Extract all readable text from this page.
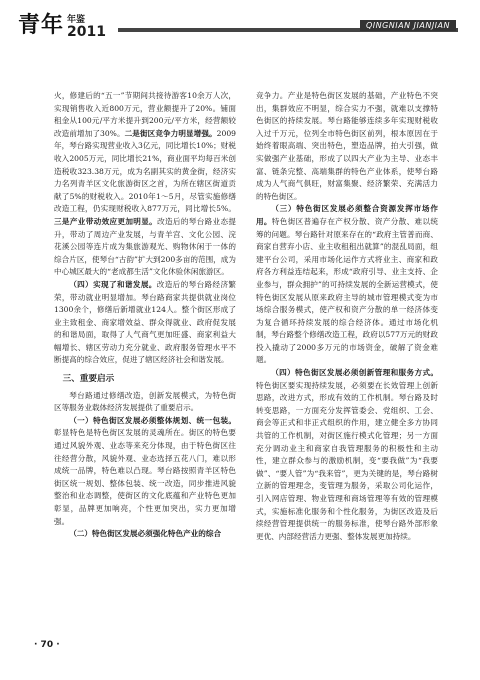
青年 年鉴
2011	QINGNIAN JIANJIAN

火，修建后的“五一”节期间共接待游客10余万人次，实现销售收入近800万元，营业额提升了20%。铺面租金从100元/平方米提升到200元/平方米，经营额较改造前增加了30%。二是街区竞争力明显增强。2009年，琴台路实现营业收入3亿元，同比增长10%；财税收入2005万元，同比增长21%，商业面平均每百米创造税收323.38万元，成为名副其实的黄金街，经济实力名列青羊区文化旅游街区之首，为所在辖区街道贡献了5%的财税收入。2010年1～5月，尽管实施修缮改造工程，仍实现财税收入877万元，同比增长5%。三是产业带动效应更加明显。改造后的琴台路业态提升，带动了周边产业发展，与青羊宫、文化公园、浣花溪公园等连片成为集旅游观光、购物休闲于一体的综合片区，使琴台“古韵”扩大到200多亩的范围，成为中心城区最大的“老成都生活”文化休验休闲旅游区。

（四）实现了和谐发展。改造后的琴台路经济繁荣，带动就业明显增加。琴台路商家共提供就业岗位1300余个，修缮后新增就业124人。整个街区形成了业主致租金、商家增效益、群众得就业、政府促发展的和谐局面，取得了人气商气更加旺盛、商家利益大幅增长、辖区劳动力充分就业、政府服务管理水平不断提高的综合效应，促进了辖区经济社会和谐发展。

三、重要启示

琴台路通过修缮改造，创新发展模式，为特色街区等服务业载体经济发展提供了重要启示。

（一）特色街区发展必须整体规划、统一包装。彰显特色是特色街区发展的灵魂所在。街区的特色要通过风貌外观、业态等来充分体现，由于特色街区往往经营分散，风貌外观、业态选择五花八门，难以形成统一品牌，特色难以凸现。琴台路按照青羊区特色街区统一规划、整体包装、统一改造，同步推进风貌整治和业态调整，使街区的文化底蕴和产业特色更加彰显，品牌更加响亮，个性更加突出，实力更加增强。

（二）特色街区发展必须强化特色产业的综合

竞争力。产业是特色街区发展的基础，产业特色不突出，集群效应不明显，综合实力不强，就难以支撑特色街区的持续发展。琴台路能够连续多年实现财税收入过千万元，位列全市特色街区前列，根本原因在于始终着眼高端、突出特色，塑造品牌，拍大引强，做实做强产业基础，形成了以四大产业为主导、业态丰富、链条完整、高端集群的特色产业体系，使琴台路成为人气商气俱旺，财富集聚、经济繁荣、充满活力的特色街区。

（三）特色街区发展必须整合资源发挥市场作用。特色街区普遍存在产权分散、资产分散、难以统筹的问题。琴台路针对原来存在的“政府主管普而商、商家自营弃小店、业主收租租出就算”的混乱局面，组建平台公司，采用市场化运作方式将业主、商家和政府各方利益连结起来，形成“政府引导、业主支持、企业参与，群众拥护”的可持续发展的全新运营模式，使特色街区发展从原来政府主导的城市管理模式变为市场综合服务模式，使产权和资产分散的单一经济体变为复合循环持续发展的综合经济体。通过市场化机制，琴台路整个修缮改造工程，政府以577万元的财政投入撬动了2000多万元的市场资金，破解了资金难题。

（四）特色街区发展必须创新管理和服务方式。特色街区要实现持续发展，必须要在长效管理上创新思路，改进方式，形成有效的工作机制。琴台路及时转变思路，一方面充分发挥管委会、党组织、工会、商会等正式和非正式组织的作用，建立健全多方协同共管的工作机制，对街区施行模式化管理；另一方面充分调动业主和商家自我管理服务的积极性和主动性，建立群众参与的激励机制，变“要我做”为“我要做”、“要人管”为“我来管”，更为关键的是，琴台路树立新的管理理念，变管理为服务，采取公司化运作，引入网店管理、物业管理和商场管理等有效的管理模式，实施标准化服务和个性化服务，为街区改造及后续经营管理提供统一的服务标准，使琴台路外部形象更优、内部经营活力更强、整体发展更加持续。

· 70 ·
